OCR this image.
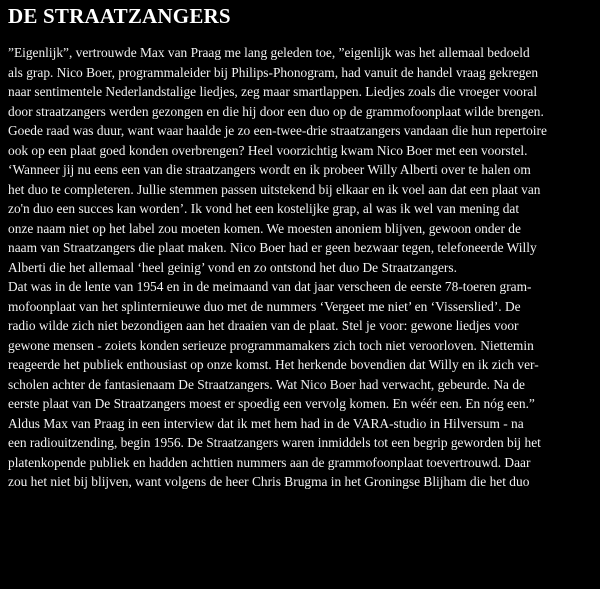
DE STRAATZANGERS
”Eigenlijk”, vertrouwde Max van Praag me lang geleden toe, ”eigenlijk was het allemaal bedoeld
als grap. Nico Boer, programmaleider bij Philips-Phonogram, had vanuit de handel vraag gekregen
naar sentimentele Nederlandstalige liedjes, zeg maar smartlappen. Liedjes zoals die vroeger vooral
door straatzangers werden gezongen en die hij door een duo op de grammofoonplaat wilde brengen.
Goede raad was duur, want waar haalde je zo een-twee-drie straatzangers vandaan die hun repertoire
ook op een plaat goed konden overbrengen? Heel voorzichtig kwam Nico Boer met een voorstel.
‘Wanneer jij nu eens een van die straatzangers wordt en ik probeer Willy Alberti over te halen om
het duo te completeren. Jullie stemmen passen uitstekend bij elkaar en ik voel aan dat een plaat van
zo'n duo een succes kan worden’. Ik vond het een kostelijke grap, al was ik wel van mening dat
onze naam niet op het label zou moeten komen. We moesten anoniem blijven, gewoon onder de
naam van Straatzangers die plaat maken. Nico Boer had er geen bezwaar tegen, telefoneerde Willy
Alberti die het allemaal ‘heel geinig’ vond en zo ontstond het duo De Straatzangers.
Dat was in de lente van 1954 en in de meimaand van dat jaar verscheen de eerste 78-toeren gram-
mofoonplaat van het splinternieuwe duo met de nummers ‘Vergeet me niet’ en ‘Visserslied’. De
radio wilde zich niet bezondigen aan het draaien van de plaat. Stel je voor: gewone liedjes voor
gewone mensen - zoiets konden serieuze programmamakers zich toch niet veroorloven. Niettemin
reageerde het publiek enthousiast op onze komst. Het herkende bovendien dat Willy en ik zich ver-
scholen achter de fantasienaam De Straatzangers. Wat Nico Boer had verwacht, gebeurde. Na de
eerste plaat van De Straatzangers moest er spoedig een vervolg komen. En wéér een. En nóg een.”
Aldus Max van Praag in een interview dat ik met hem had in de VARA-studio in Hilversum - na
een radiouitzending, begin 1956. De Straatzangers waren inmiddels tot een begrip geworden bij het
platenkopende publiek en hadden achttien nummers aan de grammofoonplaat toevertrouwd. Daar
zou het niet bij blijven, want volgens de heer Chris Brugma in het Groningse Blijham die het duo
